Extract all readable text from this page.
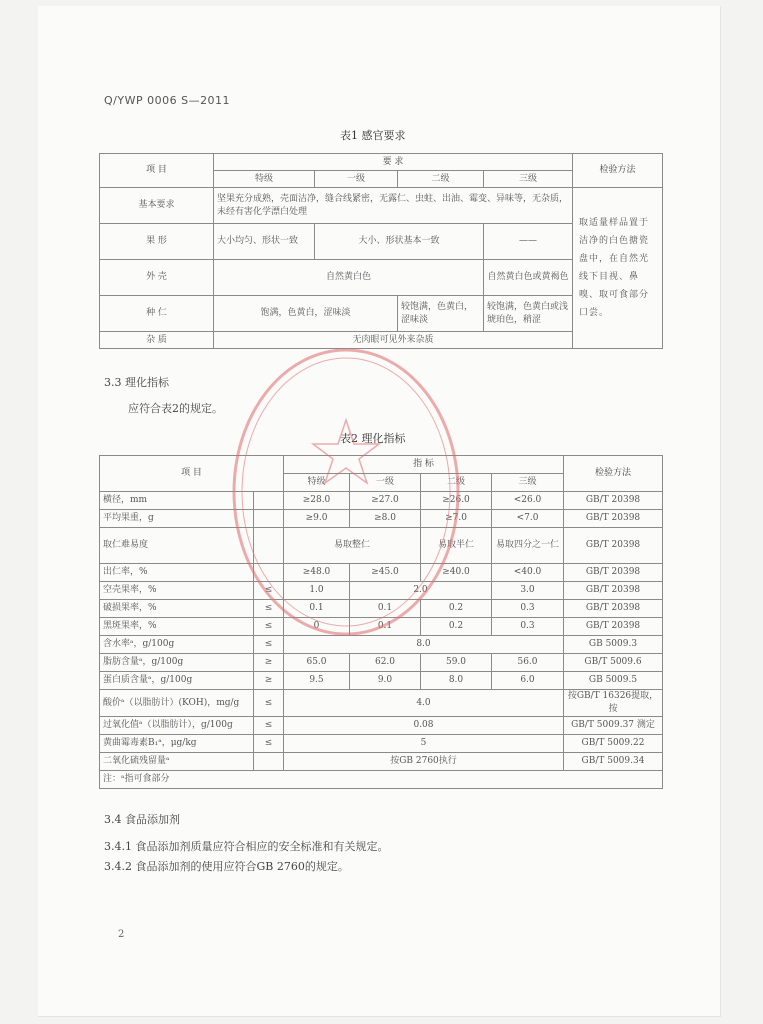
Q/YWP 0006 S—2011
表1 感官要求
项 目	要 求				检验方法
	特级	一级	二级	三级	
基本要求	坚果充分成熟，壳面洁净，缝合线紧密，无露仁、虫蛀、出油、霉变、异味等，无杂质，未经有害化学漂白处理				取适量样品置于洁净的白色搪瓷盘中，在自然光线下目视、鼻嗅、取可食部分口尝。
果 形	大小均匀、形状一致	大小、形状基本一致		——	
外 壳	自然黄白色			自然黄白色或黄褐色	
种 仁	饱满，色黄白，涩味淡		较饱满，色黄白，涩味淡	较饱满，色黄白或浅琥珀色，稍涩	
杂 质	无肉眼可见外来杂质				
3.3 理化指标
应符合表2的规定。
表2 理化指标
项 目		指 标				检验方法
		特级	一级	二级	三级	
横径，mm		≥28.0	≥27.0	≥26.0	<26.0	GB/T 20398
平均果重，g		≥9.0	≥8.0	≥7.0	<7.0	GB/T 20398
取仁难易度		易取整仁		易取半仁	易取四分之一仁	GB/T 20398
出仁率，%		≥48.0	≥45.0	≥40.0	<40.0	GB/T 20398
空壳果率，%	≤	1.0	2.0		3.0	GB/T 20398
破损果率，%	≤	0.1	0.1	0.2	0.3	GB/T 20398
黑斑果率，%	≤	0	0.1	0.2	0.3	GB/T 20398
含水率ᵃ，g/100g	≤	8.0				GB 5009.3
脂肪含量ᵃ，g/100g	≥	65.0	62.0	59.0	56.0	GB/T 5009.6
蛋白质含量ᵃ，g/100g	≥	9.5	9.0	8.0	6.0	GB 5009.5
酸价ᵃ（以脂肪计）(KOH)，mg/g	≤	4.0				按GB/T 16326提取，按
过氧化值ᵃ（以脂肪计），g/100g	≤	0.08				GB/T 5009.37 测定
黄曲霉毒素B₁ᵃ，μg/kg	≤	5				GB/T 5009.22
二氧化硫残留量ᵃ		按GB 2760执行				GB/T 5009.34
注：ᵃ指可食部分						
3.4 食品添加剂
3.4.1 食品添加剂质量应符合相应的安全标准和有关规定。
3.4.2 食品添加剂的使用应符合GB 2760的规定。
2
